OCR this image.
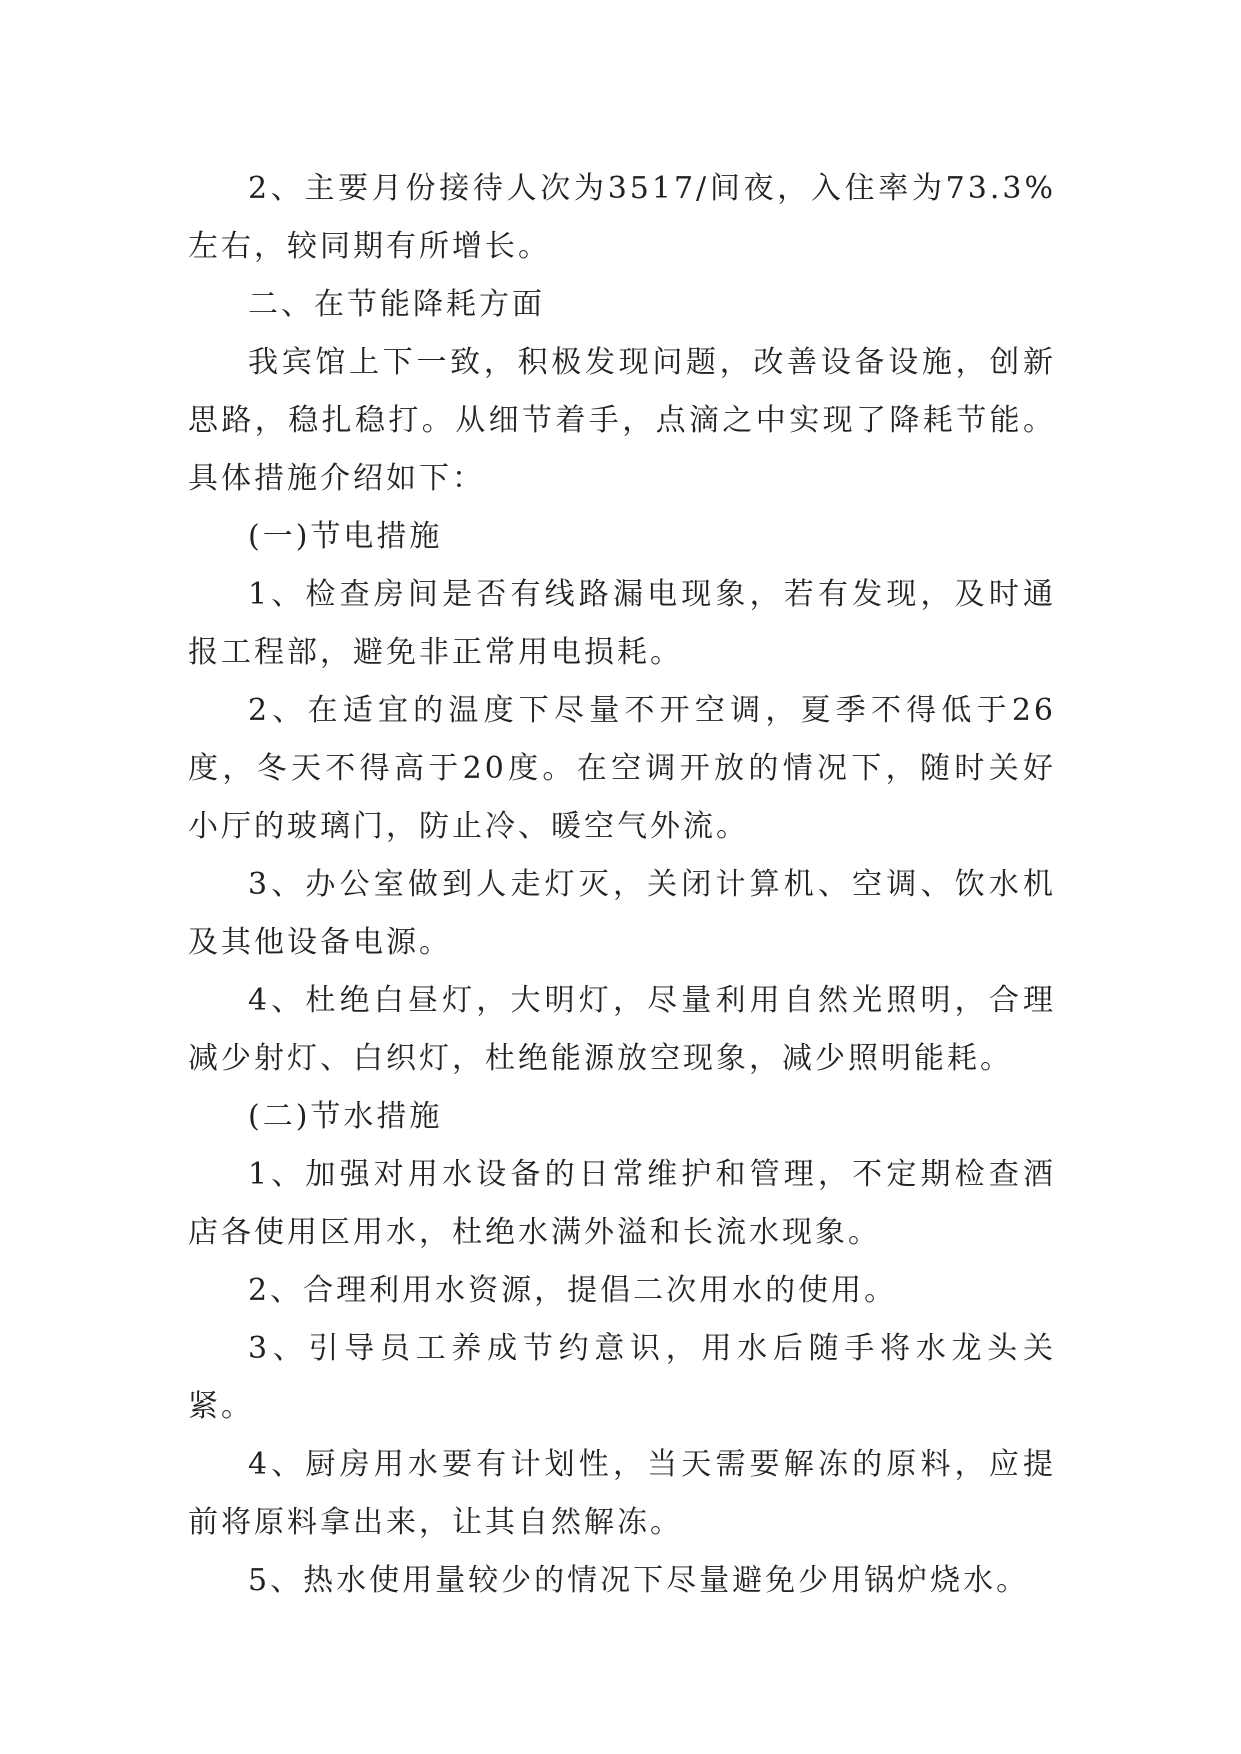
2、主要月份接待人次为3517/间夜，入住率为73.3%左右，较同期有所增长。

二、在节能降耗方面

我宾馆上下一致，积极发现问题，改善设备设施，创新思路，稳扎稳打。从细节着手，点滴之中实现了降耗节能。具体措施介绍如下：

(一)节电措施

1、检查房间是否有线路漏电现象，若有发现，及时通报工程部，避免非正常用电损耗。

2、在适宜的温度下尽量不开空调，夏季不得低于26度，冬天不得高于20度。在空调开放的情况下，随时关好小厅的玻璃门，防止冷、暖空气外流。

3、办公室做到人走灯灭，关闭计算机、空调、饮水机及其他设备电源。

4、杜绝白昼灯，大明灯，尽量利用自然光照明，合理减少射灯、白织灯，杜绝能源放空现象，减少照明能耗。

(二)节水措施

1、加强对用水设备的日常维护和管理，不定期检查酒店各使用区用水，杜绝水满外溢和长流水现象。

2、合理利用水资源，提倡二次用水的使用。

3、引导员工养成节约意识，用水后随手将水龙头关紧。

4、厨房用水要有计划性，当天需要解冻的原料，应提前将原料拿出来，让其自然解冻。

5、热水使用量较少的情况下尽量避免少用锅炉烧水。
